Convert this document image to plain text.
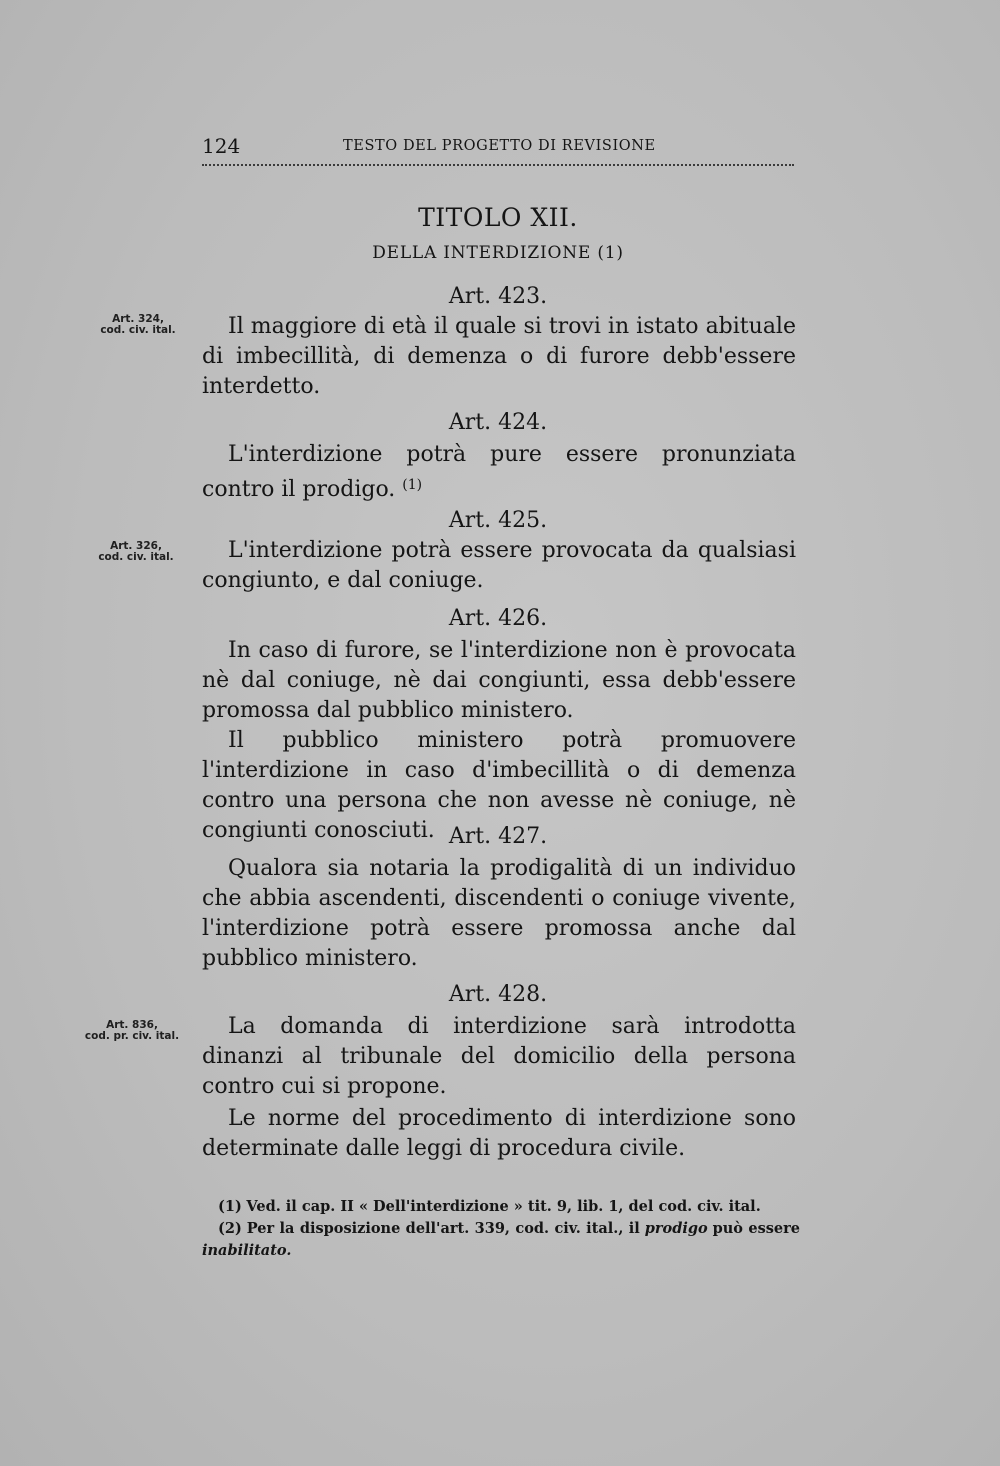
124	TESTO DEL PROGETTO DI REVISIONE
TITOLO XII.
DELLA INTERDIZIONE (1)
Art. 324,
cod. civ. ital.
Art. 326,
cod. civ. ital.
Art. 836,
cod. pr. civ. ital.
Art. 423.

Il maggiore di età il quale si trovi in istato abituale di imbecillità, di demenza o di furore debb'essere interdetto.

Art. 424.

L'interdizione potrà pure essere pronunziata contro il prodigo. $^{(1)}$

Art. 425.

L'interdizione potrà essere provocata da qualsiasi congiunto, e dal coniuge.

Art. 426.

In caso di furore, se l'interdizione non è provocata nè dal coniuge, nè dai congiunti, essa debb'essere promossa dal pubblico ministero.

Il pubblico ministero potrà promuovere l'interdizione in caso d'imbecillità o di demenza contro una persona che non avesse nè coniuge, nè congiunti conosciuti. Art. 427.

Qualora sia notaria la prodigalità di un individuo che abbia ascendenti, discendenti o coniuge vivente, l'interdizione potrà essere promossa anche dal pubblico ministero.

Art. 428.

La domanda di interdizione sarà introdotta dinanzi al tribunale del domicilio della persona contro cui si propone.

Le norme del procedimento di interdizione sono determinate dalle leggi di procedura civile.

(1) Ved. il cap. II « Dell'interdizione » tit. 9, lib. 1, del cod. civ. ital.

(2) Per la disposizione dell'art. 339, cod. civ. ital., il prodigo può essere inabilitato.
